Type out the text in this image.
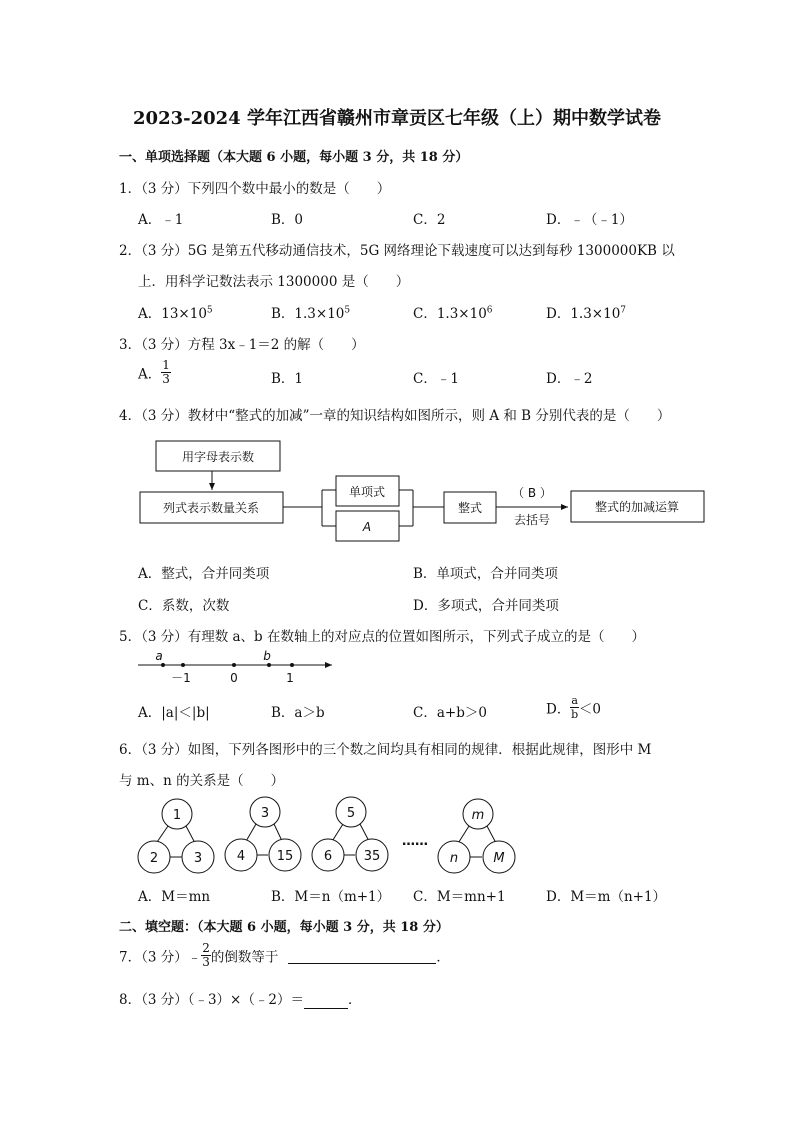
2023-2024 学年江西省赣州市章贡区七年级（上）期中数学试卷
一、单项选择题（本大题 6 小题，每小题 3 分，共 18 分）
1．（3 分）下列四个数中最小的数是（　　）
A．﹣1	B．0	C．2	D．﹣（﹣1）
2．（3 分）5G 是第五代移动通信技术，5G 网络理论下载速度可以达到每秒 1300000KB 以
上．用科学记数法表示 1300000 是（　　）
A．$13\times 10^5$	B．$1.3\times 10^5$	C．$1.3\times 10^6$	D．$1.3\times 10^7$
3．（3 分）方程 3x﹣1＝2 的解（　　）
A． $\frac{1}{3}$	B．1	C．﹣1	D．﹣2
4．（3 分）教材中“整式的加减”一章的知识结构如图所示，则 A 和 B 分别代表的是（　　）
用字母表示数
列式表示数量关系
单项式
A
整式
（ B ）
去括号
整式的加减运算
A．整式，合并同类项	B．单项式，合并同类项
C．系数，次数	D．多项式，合并同类项
5．（3 分）有理数 a、b 在数轴上的对应点的位置如图所示，下列式子成立的是（　　）
a	b
－1	0	1
A．|a|＜|b|	B．a＞b	C．a+b＞0	D． $\frac{a}{b} <0$
6．（3 分）如图，下列各图形中的三个数之间均具有相同的规律．根据此规律，图形中 M
与 m、n 的关系是（　　）
1
2	3
3
4 15
5
6 35
m
n	M
……
A．M＝mn	B．M＝n（m+1） C．M＝mn+1	D．M＝m（n+1）
二、填空题：（本大题 6 小题，每小题 3 分，共 18 分）
7．（3 分）﹣ $\frac{2}{3}$ 的倒数等于	．
8．（3 分）（﹣3）×（﹣2）＝	．
